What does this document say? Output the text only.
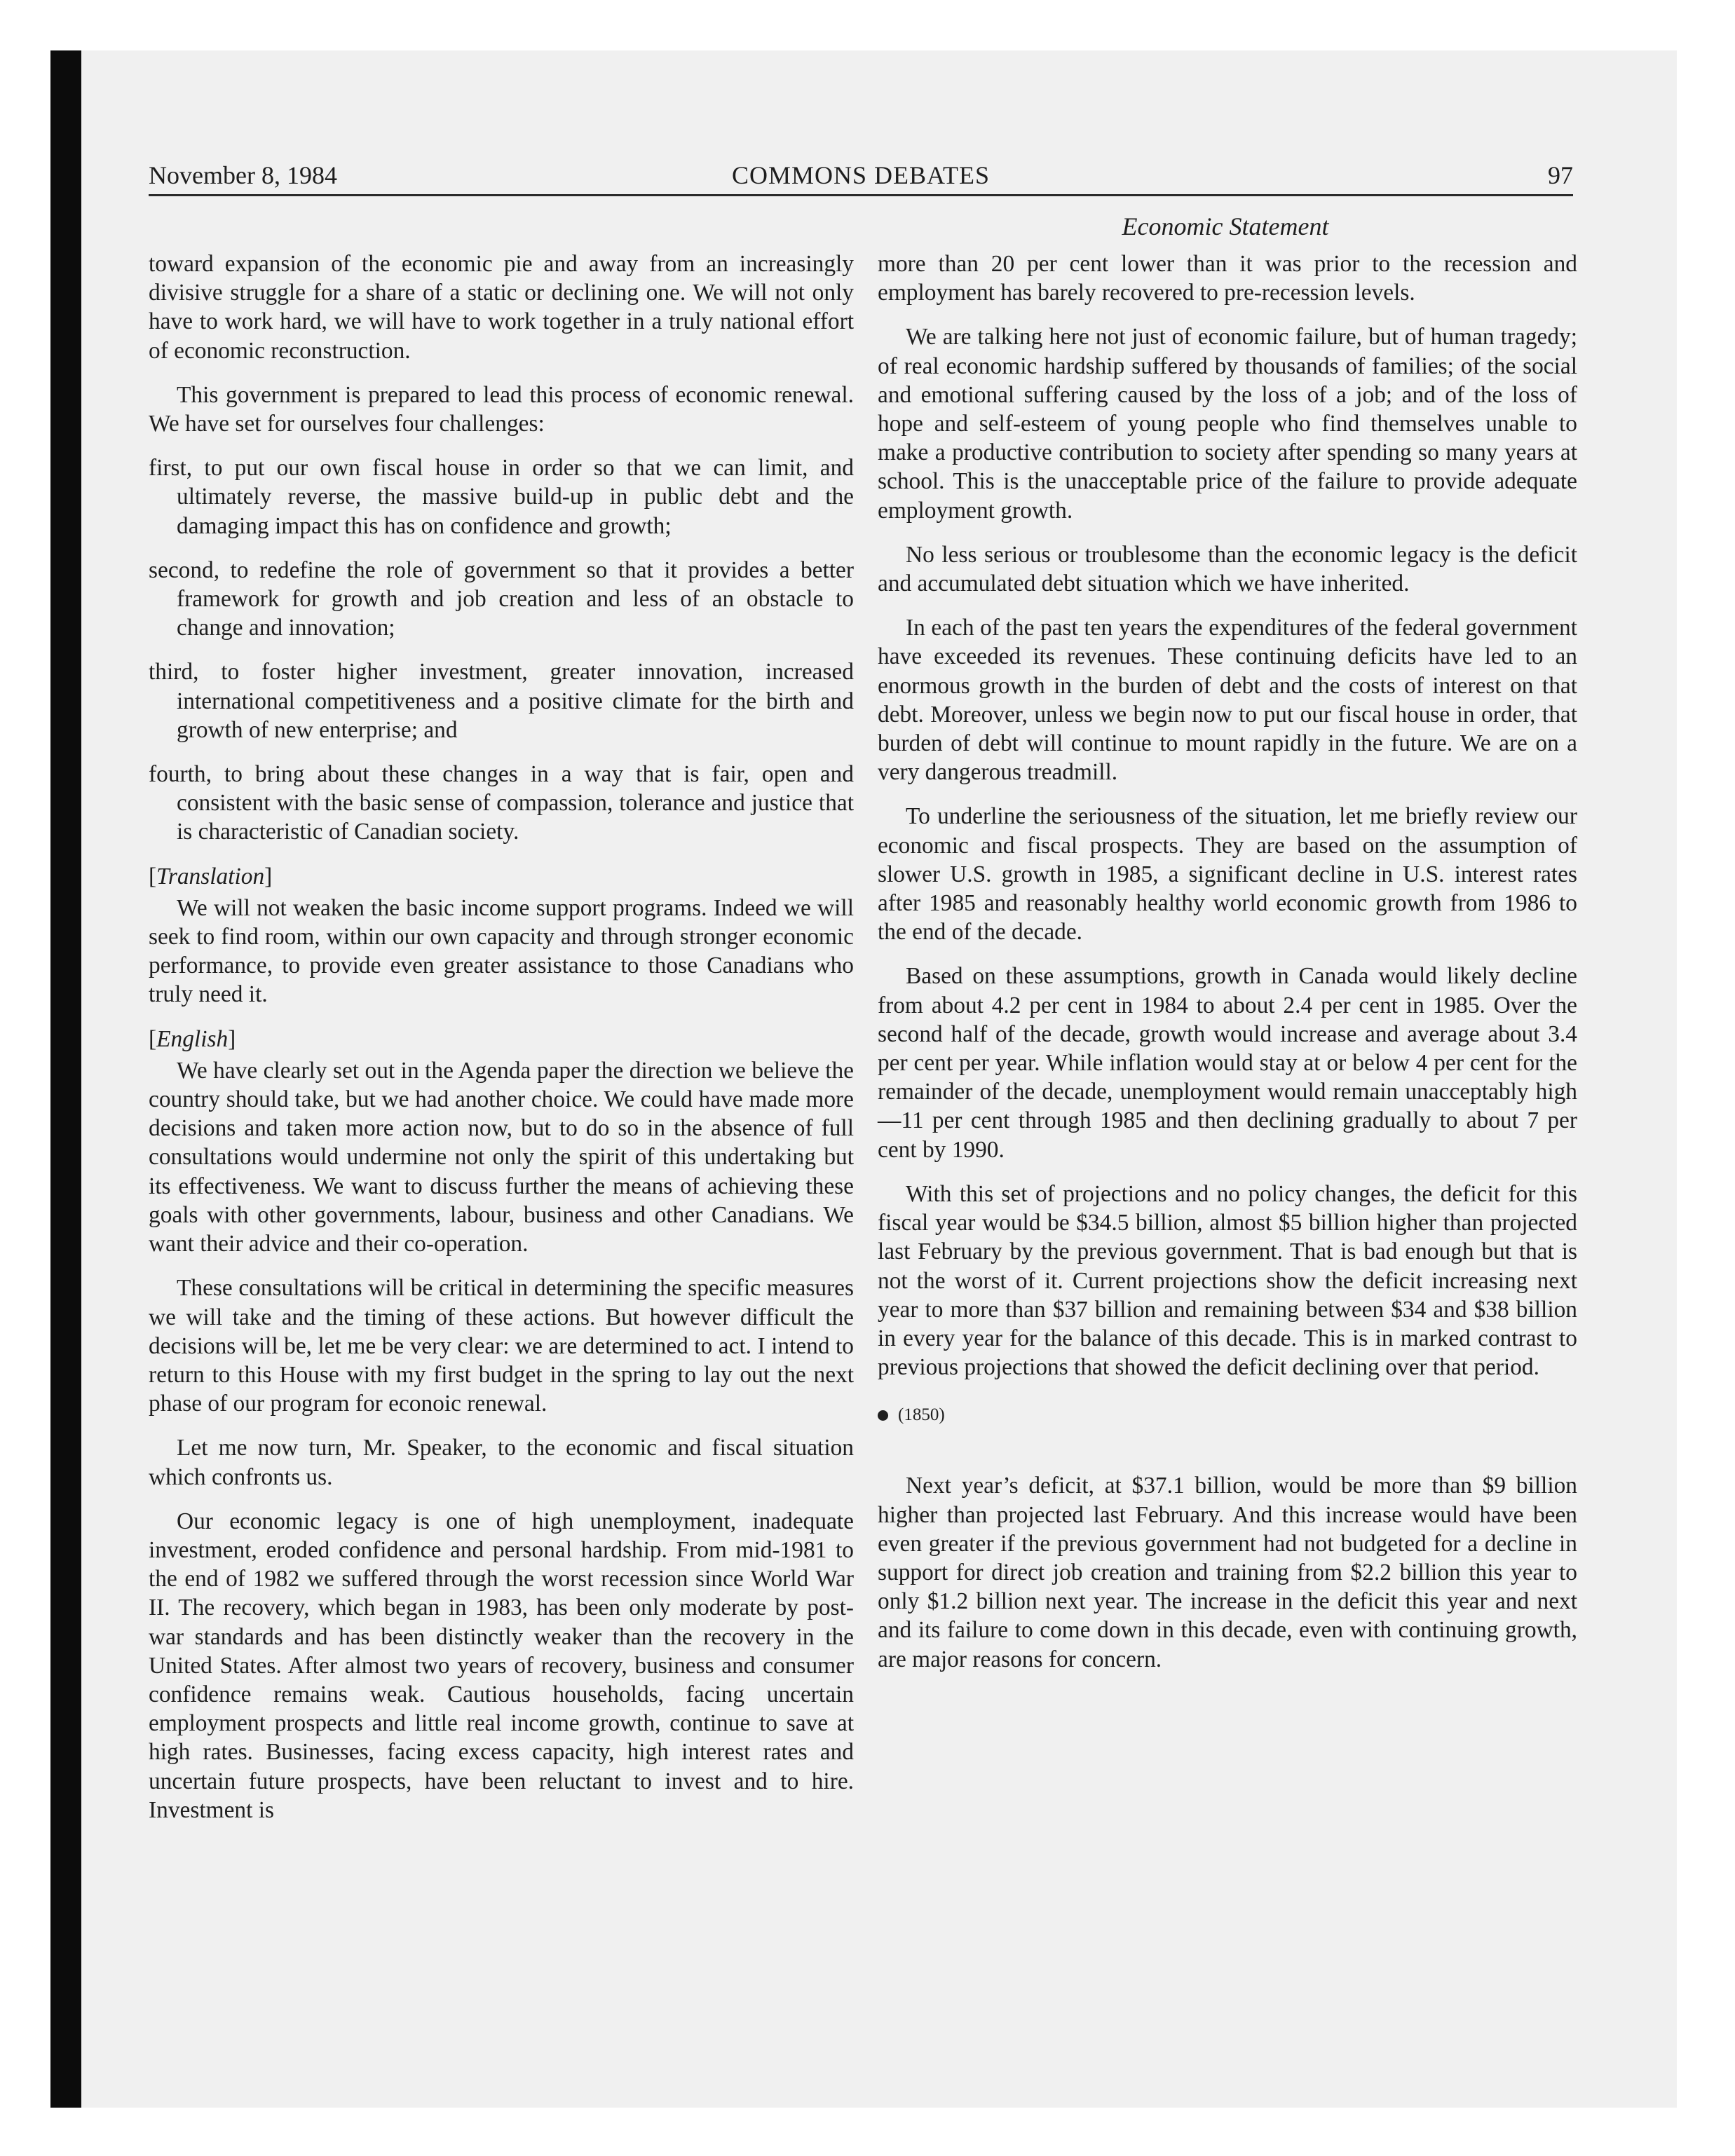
November 8, 1984	COMMONS DEBATES	97
Economic Statement

toward expansion of the economic pie and away from an increasingly divisive struggle for a share of a static or declining one. We will not only have to work hard, we will have to work together in a truly national effort of economic reconstruction.

This government is prepared to lead this process of economic renewal. We have set for ourselves four challenges:

first, to put our own fiscal house in order so that we can limit, and ultimately reverse, the massive build-up in public debt and the damaging impact this has on confidence and growth;

second, to redefine the role of government so that it provides a better framework for growth and job creation and less of an obstacle to change and innovation;

third, to foster higher investment, greater innovation, increased international competitiveness and a positive climate for the birth and growth of new enterprise; and

fourth, to bring about these changes in a way that is fair, open and consistent with the basic sense of compassion, tolerance and justice that is characteristic of Canadian society.

[Translation]

We will not weaken the basic income support programs. Indeed we will seek to find room, within our own capacity and through stronger economic performance, to provide even greater assistance to those Canadians who truly need it.

[English]

We have clearly set out in the Agenda paper the direction we believe the country should take, but we had another choice. We could have made more decisions and taken more action now, but to do so in the absence of full consultations would undermine not only the spirit of this undertaking but its effectiveness. We want to discuss further the means of achieving these goals with other governments, labour, business and other Canadians. We want their advice and their co-operation.

These consultations will be critical in determining the specific measures we will take and the timing of these actions. But however difficult the decisions will be, let me be very clear: we are determined to act. I intend to return to this House with my first budget in the spring to lay out the next phase of our program for econoic renewal.

Let me now turn, Mr. Speaker, to the economic and fiscal situation which confronts us.

Our economic legacy is one of high unemployment, inadequate investment, eroded confidence and personal hardship. From mid-1981 to the end of 1982 we suffered through the worst recession since World War II. The recovery, which began in 1983, has been only moderate by post-war standards and has been distinctly weaker than the recovery in the United States. After almost two years of recovery, business and consumer confidence remains weak. Cautious households, facing uncertain employment prospects and little real income growth, continue to save at high rates. Businesses, facing excess capacity, high interest rates and uncertain future prospects, have been reluctant to invest and to hire. Investment is

more than 20 per cent lower than it was prior to the recession and employment has barely recovered to pre-recession levels.

We are talking here not just of economic failure, but of human tragedy; of real economic hardship suffered by thousands of families; of the social and emotional suffering caused by the loss of a job; and of the loss of hope and self-esteem of young people who find themselves unable to make a productive contribution to society after spending so many years at school. This is the unacceptable price of the failure to provide adequate employment growth.

No less serious or troublesome than the economic legacy is the deficit and accumulated debt situation which we have inherited.

In each of the past ten years the expenditures of the federal government have exceeded its revenues. These continuing deficits have led to an enormous growth in the burden of debt and the costs of interest on that debt. Moreover, unless we begin now to put our fiscal house in order, that burden of debt will continue to mount rapidly in the future. We are on a very dangerous treadmill.

To underline the seriousness of the situation, let me briefly review our economic and fiscal prospects. They are based on the assumption of slower U.S. growth in 1985, a significant decline in U.S. interest rates after 1985 and reasonably healthy world economic growth from 1986 to the end of the decade.

Based on these assumptions, growth in Canada would likely decline from about 4.2 per cent in 1984 to about 2.4 per cent in 1985. Over the second half of the decade, growth would increase and average about 3.4 per cent per year. While inflation would stay at or below 4 per cent for the remainder of the decade, unemployment would remain unacceptably high—11 per cent through 1985 and then declining gradually to about 7 per cent by 1990.

With this set of projections and no policy changes, the deficit for this fiscal year would be $34.5 billion, almost $5 billion higher than projected last February by the previous government. That is bad enough but that is not the worst of it. Current projections show the deficit increasing next year to more than $37 billion and remaining between $34 and $38 billion in every year for the balance of this decade. This is in marked contrast to previous projections that showed the deficit declining over that period.

(1850)

Next year’s deficit, at $37.1 billion, would be more than $9 billion higher than projected last February. And this increase would have been even greater if the previous government had not budgeted for a decline in support for direct job creation and training from $2.2 billion this year to only $1.2 billion next year. The increase in the deficit this year and next and its failure to come down in this decade, even with continuing growth, are major reasons for concern.
